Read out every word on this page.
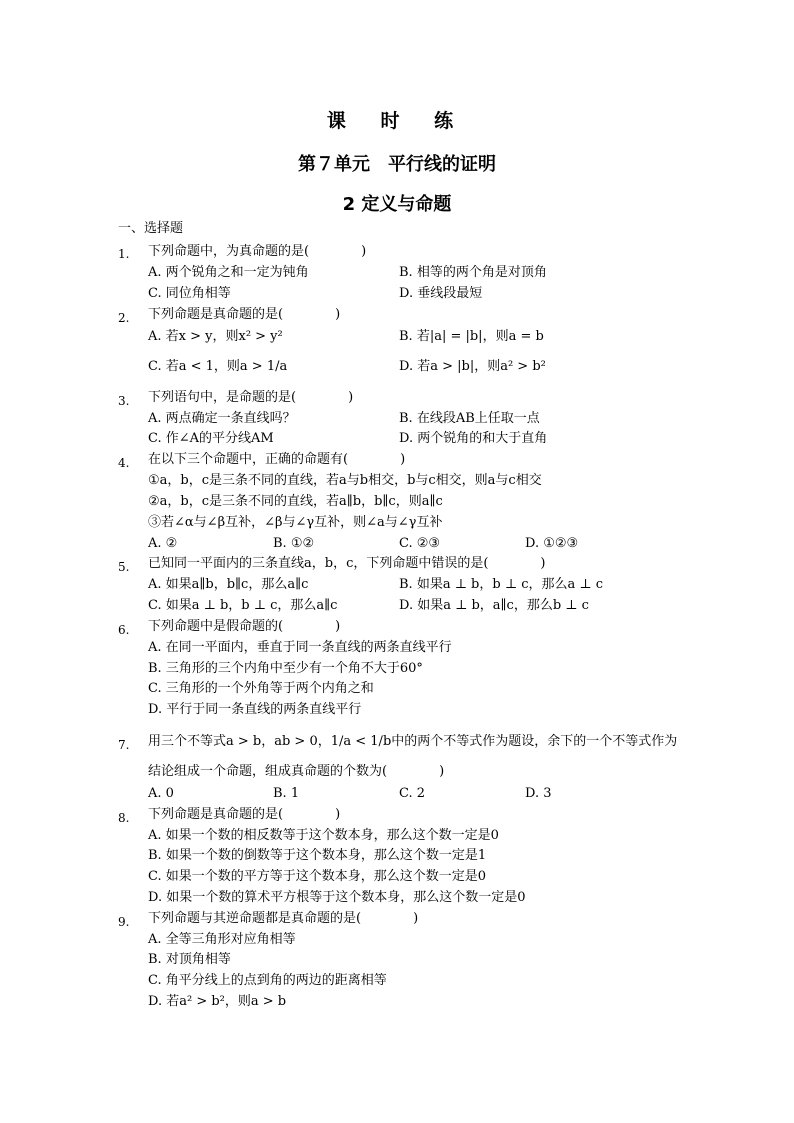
课 时 练
第７单元　平行线的证明
2 定义与命题
一、选择题
1. 下列命题中，为真命题的是(　　　　)
A. 两个锐角之和一定为钝角	B. 相等的两个角是对顶角
C. 同位角相等	D. 垂线段最短
2. 下列命题是真命题的是(　　　　)
A. 若x > y，则x² > y²	B. 若|a| = |b|，则a = b
C. 若a < 1，则a > 1/a	D. 若a > |b|，则a² > b²
3. 下列语句中，是命题的是(　　　　)
A. 两点确定一条直线吗？	B. 在线段AB上任取一点
C. 作∠A的平分线AM	D. 两个锐角的和大于直角
4. 在以下三个命题中，正确的命题有(　　　　)
①a，b，c是三条不同的直线，若a与b相交，b与c相交，则a与c相交
②a，b，c是三条不同的直线，若a∥b，b∥c，则a∥c
③若∠α与∠β互补，∠β与∠γ互补，则∠a与∠γ互补
A. ②	B. ①②	C. ②③	D. ①②③
5. 已知同一平面内的三条直线a，b，c，下列命题中错误的是(　　　　)
A. 如果a∥b，b∥c，那么a∥c	B. 如果a ⊥ b，b ⊥ c，那么a ⊥ c
C. 如果a ⊥ b，b ⊥ c，那么a∥c	D. 如果a ⊥ b，a∥c，那么b ⊥ c
6. 下列命题中是假命题的(　　　　)
A. 在同一平面内，垂直于同一条直线的两条直线平行
B. 三角形的三个内角中至少有一个角不大于60°
C. 三角形的一个外角等于两个内角之和
D. 平行于同一条直线的两条直线平行
7. 用三个不等式a > b，ab > 0，1/a < 1/b中的两个不等式作为题设，余下的一个不等式作为
结论组成一个命题，组成真命题的个数为(　　　　)
A. 0	B. 1	C. 2	D. 3
8. 下列命题是真命题的是(　　　　)
A. 如果一个数的相反数等于这个数本身，那么这个数一定是0
B. 如果一个数的倒数等于这个数本身，那么这个数一定是1
C. 如果一个数的平方等于这个数本身，那么这个数一定是0
D. 如果一个数的算术平方根等于这个数本身，那么这个数一定是0
9. 下列命题与其逆命题都是真命题的是(　　　　)
A. 全等三角形对应角相等
B. 对顶角相等
C. 角平分线上的点到角的两边的距离相等
D. 若a² > b²，则a > b
